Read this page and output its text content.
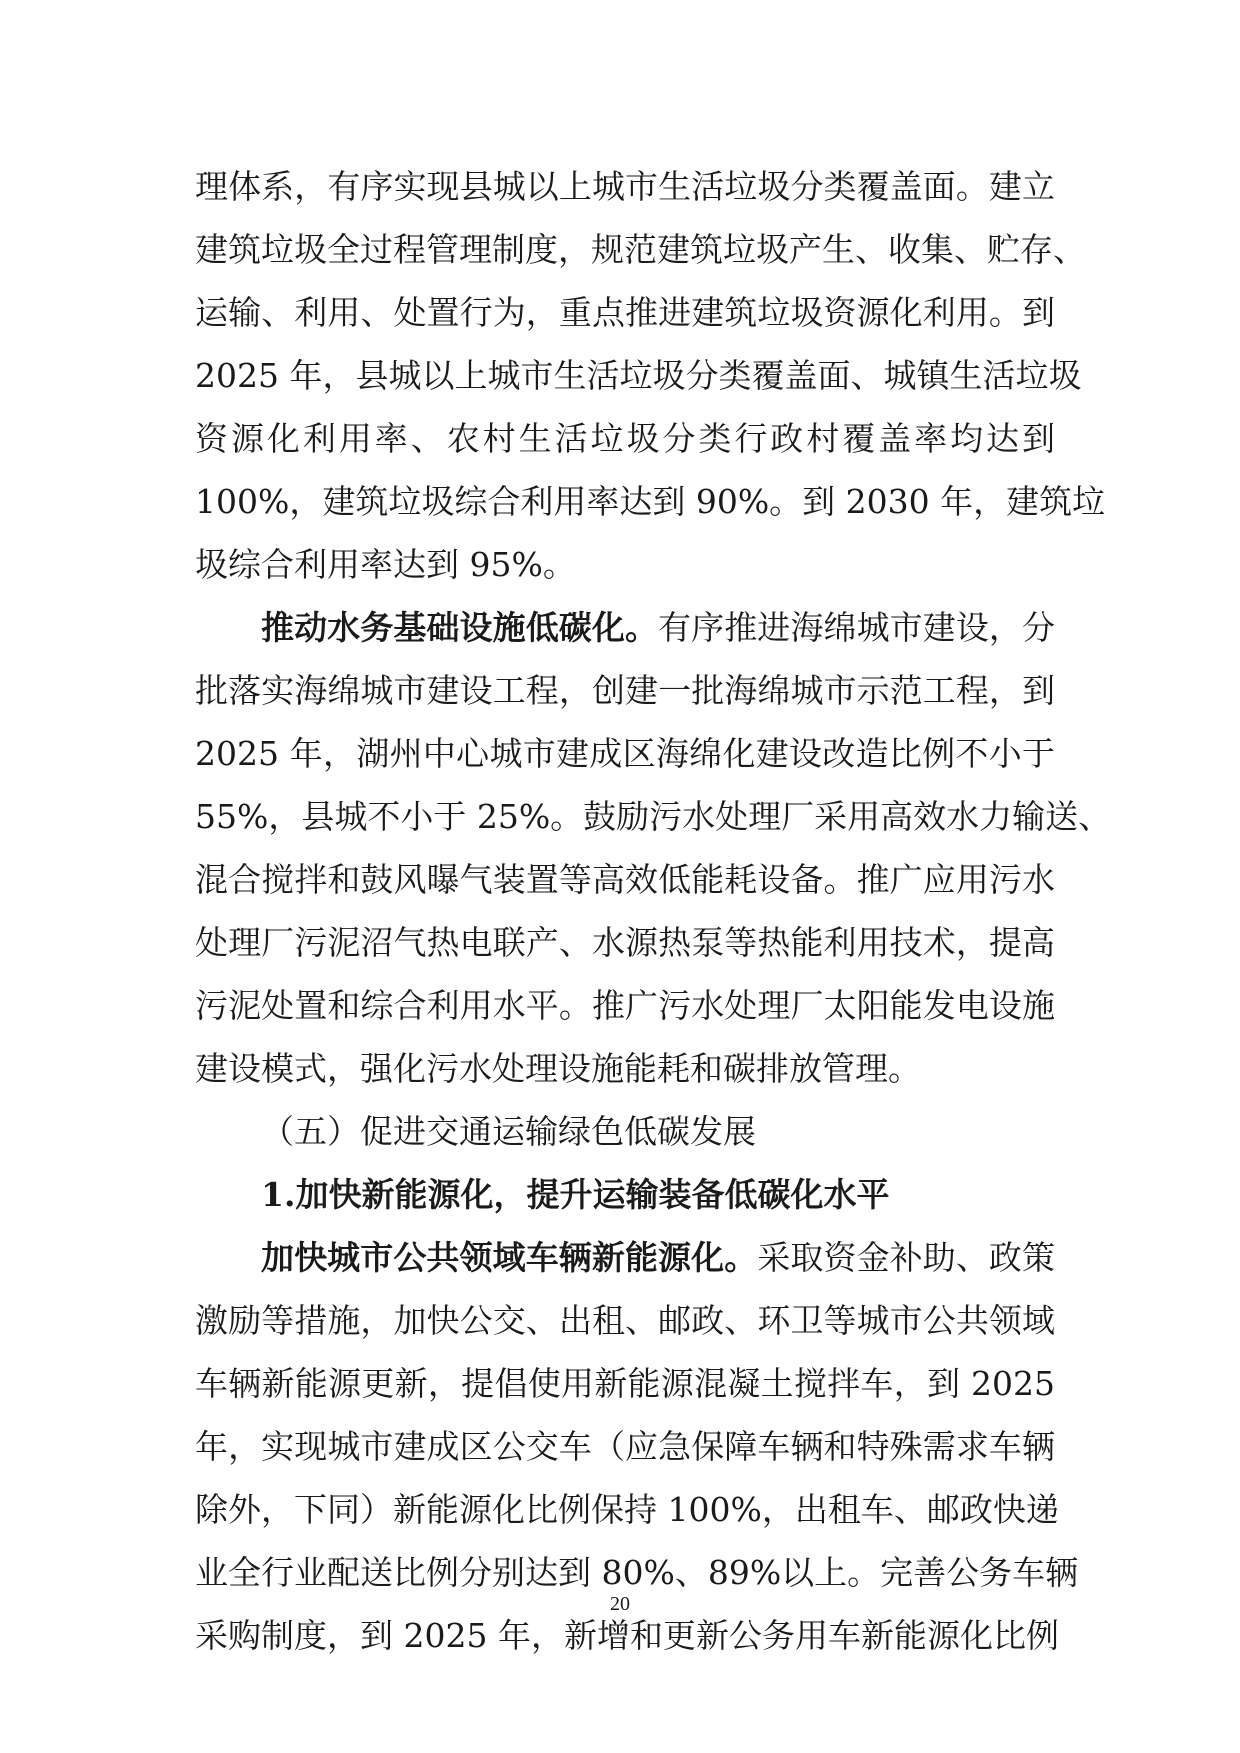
理体系，有序实现县城以上城市生活垃圾分类覆盖面。建立
建筑垃圾全过程管理制度，规范建筑垃圾产生、收集、贮存、
运输、利用、处置行为，重点推进建筑垃圾资源化利用。到
2025 年，县城以上城市生活垃圾分类覆盖面、城镇生活垃圾
资源化利用率、农村生活垃圾分类行政村覆盖率均达到
100%，建筑垃圾综合利用率达到 90%。到 2030 年，建筑垃
圾综合利用率达到 95%。
推动水务基础设施低碳化。有序推进海绵城市建设，分
批落实海绵城市建设工程，创建一批海绵城市示范工程，到
2025 年，湖州中心城市建成区海绵化建设改造比例不小于
55%，县城不小于 25%。鼓励污水处理厂采用高效水力输送、
混合搅拌和鼓风曝气装置等高效低能耗设备。推广应用污水
处理厂污泥沼气热电联产、水源热泵等热能利用技术，提高
污泥处置和综合利用水平。推广污水处理厂太阳能发电设施
建设模式，强化污水处理设施能耗和碳排放管理。
（五）促进交通运输绿色低碳发展
1.加快新能源化，提升运输装备低碳化水平
加快城市公共领域车辆新能源化。采取资金补助、政策
激励等措施，加快公交、出租、邮政、环卫等城市公共领域
车辆新能源更新，提倡使用新能源混凝土搅拌车，到 2025
年，实现城市建成区公交车（应急保障车辆和特殊需求车辆
除外，下同）新能源化比例保持 100%，出租车、邮政快递
业全行业配送比例分别达到 80%、89%以上。完善公务车辆
采购制度，到 2025 年，新增和更新公务用车新能源化比例
20
